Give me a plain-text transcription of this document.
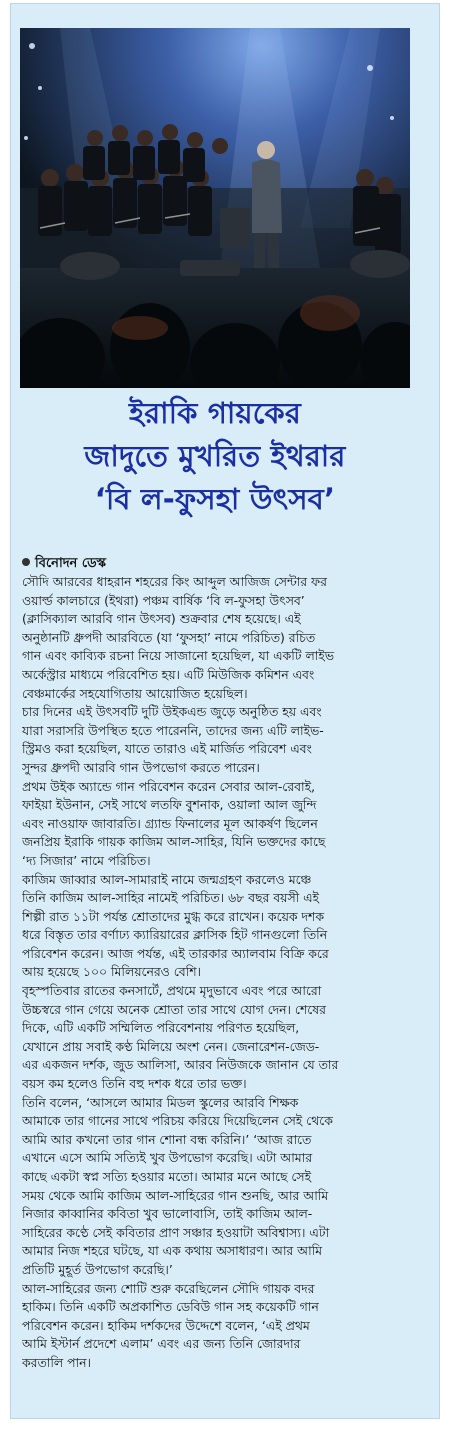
ইরাকি গায়কের
জাদুতে মুখরিত ইথরার
‘বি ল-ফুসহা উৎসব’
বিনোদন ডেস্ক
সৌদি আরবের ধাহরান শহরের কিং আব্দুল আজিজ সেন্টার ফর
ওয়ার্ল্ড কালচারে (ইথরা) পঞ্চম বার্ষিক ‘বি ল-ফুসহা উৎসব’
(ক্লাসিক্যাল আরবি গান উৎসব) শুক্রবার শেষ হয়েছে। এই
অনুষ্ঠানটি ধ্রুপদী আরবিতে (যা ‘ফুসহা’ নামে পরিচিত) রচিত
গান এবং কাব্যিক রচনা নিয়ে সাজানো হয়েছিল, যা একটি লাইভ
অর্কেস্ট্রার মাধ্যমে পরিবেশিত হয়। এটি মিউজিক কমিশন এবং
বেঞ্চমার্কের সহযোগিতায় আয়োজিত হয়েছিল।
চার দিনের এই উৎসবটি দুটি উইকএন্ড জুড়ে অনুষ্ঠিত হয় এবং
যারা সরাসরি উপস্থিত হতে পারেননি, তাদের জন্য এটি লাইভ-
স্ট্রিমও করা হয়েছিল, যাতে তারাও এই মার্জিত পরিবেশ এবং
সুন্দর ধ্রুপদী আরবি গান উপভোগ করতে পারেন।
প্রথম উইক অ্যান্ডে গান পরিবেশন করেন সেবার আল-রেবাই,
ফাইয়া ইউনান, সেই সাথে লতফি বুশনাক, ওয়ালা আল জুন্দি
এবং নাওয়াফ জাবারতি। গ্র্যান্ড ফিনালের মূল আকর্ষণ ছিলেন
জনপ্রিয় ইরাকি গায়ক কাজিম আল-সাহির, যিনি ভক্তদের কাছে
‘দ্য সিজার’ নামে পরিচিত।
কাজিম জাব্বার আল-সামারাই নামে জন্মগ্রহণ করলেও মঞ্চে
তিনি কাজিম আল-সাহির নামেই পরিচিত। ৬৮ বছর বয়সী এই
শিল্পী রাত ১১টা পর্যন্ত শ্রোতাদের মুগ্ধ করে রাখেন। কয়েক দশক
ধরে বিস্তৃত তার বর্ণাঢ্য ক্যারিয়ারের ক্লাসিক হিট গানগুলো তিনি
পরিবেশন করেন। আজ পর্যন্ত, এই তারকার অ্যালবাম বিক্রি করে
আয় হয়েছে ১০০ মিলিয়নেরও বেশি।
বৃহস্পতিবার রাতের কনসার্টে, প্রথমে মৃদুভাবে এবং পরে আরো
উচ্চস্বরে গান গেয়ে অনেক শ্রোতা তার সাথে যোগ দেন। শেষের
দিকে, এটি একটি সম্মিলিত পরিবেশনায় পরিণত হয়েছিল,
যেখানে প্রায় সবাই কণ্ঠ মিলিয়ে অংশ নেন। জেনারেশন-জেড-
এর একজন দর্শক, জুড আলিসা, আরব নিউজকে জানান যে তার
বয়স কম হলেও তিনি বহু দশক ধরে তার ভক্ত।
তিনি বলেন, ‘আসলে আমার মিডল স্কুলের আরবি শিক্ষক
আমাকে তার গানের সাথে পরিচয় করিয়ে দিয়েছিলেন সেই থেকে
আমি আর কখনো তার গান শোনা বন্ধ করিনি।’ ‘আজ রাতে
এখানে এসে আমি সত্যিই খুব উপভোগ করেছি। এটা আমার
কাছে একটা স্বপ্ন সত্যি হওয়ার মতো। আমার মনে আছে সেই
সময় থেকে আমি কাজিম আল-সাহিরের গান শুনছি, আর আমি
নিজার কাব্বানির কবিতা খুব ভালোবাসি, তাই কাজিম আল-
সাহিরের কণ্ঠে সেই কবিতার প্রাণ সঞ্চার হওয়াটা অবিশ্বাস্য। এটা
আমার নিজ শহরে ঘটছে, যা এক কথায় অসাধারণ। আর আমি
প্রতিটি মুহূর্ত উপভোগ করেছি।’
আল-সাহিরের জন্য শোটি শুরু করেছিলেন সৌদি গায়ক বদর
হাকিম। তিনি একটি অপ্রকাশিত ডেবিউ গান সহ কয়েকটি গান
পরিবেশন করেন। হাকিম দর্শকদের উদ্দেশে বলেন, ‘এই প্রথম
আমি ইস্টার্ন প্রদেশে এলাম’ এবং এর জন্য তিনি জোরদার
করতালি পান।
